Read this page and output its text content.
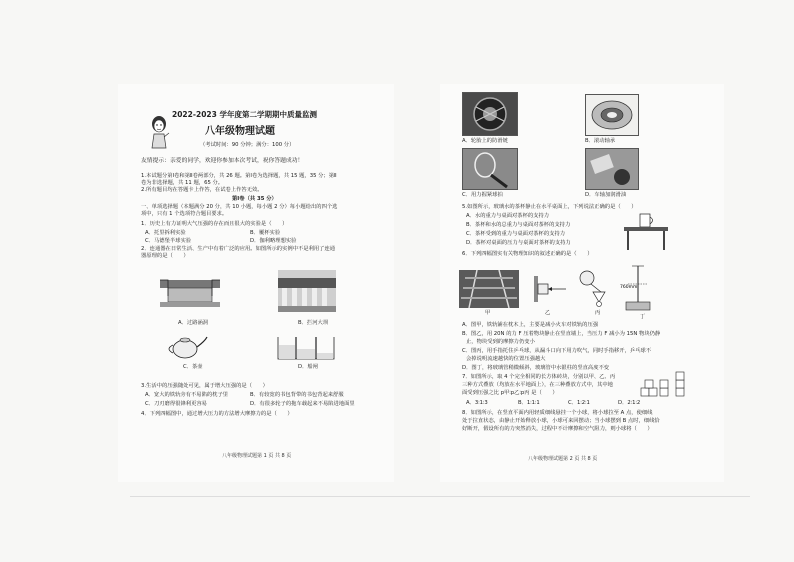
2022-2023 学年度第二学期期中质量监测
八年级物理试题
（考试时间：90 分钟；满分：100 分）
友情提示：亲爱的同学，欢迎你参加本次考试，祝你答题成功！
1.本试题分第Ⅰ卷和第Ⅱ卷两部分，共 26 题。第Ⅰ卷为选择题，共 15 题，35 分；第Ⅱ
卷为非选择题，共 11 题，65 分。
2.所有题目均在答题卡上作答，在试卷上作答无效。
第Ⅰ卷（共 35 分）
一、单项选择题（本题满分 20 分，共 10 小题，每小题 2 分）每小题给出的四个选
项中，只有 1 个选项符合题目要求。
1．历史上有力证明大气压强的存在而且很大的实验是（　　）
A．托里拆利实验	B．覆杯实验
C．马德堡半球实验	D．伽利略理想实验
2．连通器在日常生活、生产中有着广泛的应用。如图所示的实例中不是利用了连通
器原理的是（　　）
A．过路涵洞	B．拦河大坝
C．茶壶	D．船闸
3.生活中的压强随处可见，属于增大压强的是（　　）
A．宽大的铁轨旁有不易陷的枕子里	B．有较宽的书包背带的书包背起来舒服
C．刀刃磨得很锋利更容易	D．有很多轮子的拖车载起来不易陷进地面里
4．下列四幅图中，通过增大压力的方法增大摩擦力的是（　　）
八年级物理试题第 1 页 共 8 页
A．轮胎上的防滑链	B．滚动轴承
C．用力握紧球拍	D．车轴加润滑油
5.如图所示，玻璃水的茶杯静止在水平桌面上，下列说法正确的是（　　）
A．水的重力与桌面对茶杯的支持力
B．茶杯和水的总重力与桌面对茶杯的支持力
C．茶杯受到的重力与桌面对茶杯的支持力
D．茶杯对桌面的压力与桌面对茶杯的支持力
6．下列四幅图实有关物理知识的叙述正确的是（　　）
甲	乙	丙
760mm
丁
A．图甲，铁轨铺在枕木上，主要是减小火车对铁轨的压强
B．图乙，用 20N 的力 F 压着物块静止在竖直墙上，当压力 F 减小为 15N 物块仍静
止，物块受到的摩擦力仍变小
C．图丙，用手指托住乒乓球，从漏斗口向下用力吹气，同时手指移开，乒乓球不
会掉说明流速越快的位置压强越大
D．图丁，将玻璃管稍微倾斜，玻璃管中水银柱的竖直高度不变
7．如图所示，取 4 个完全相同的长方体砖块，分别以甲、乙、丙
三种方式叠放（均放在水平地面上），在三种叠放方式中，其中地
面受到压强之比 p甲∶p乙∶p丙 是（　　）
A．3∶1∶3	B．1∶1∶1	C．1∶2∶1	D．2∶1∶2
8．如图所示，在竖直平面内用轻质细线悬挂一个小球，将小球拉至 A 点，使细线
处于拉直状态，由静止开始释放小球，小球可来回摆动；当小球摆到 B 点时，细线恰
好断开，假设所有的力突然消失，过程中不计摩擦和空气阻力，则小球将（　　）
八年级物理试题第 2 页 共 8 页
